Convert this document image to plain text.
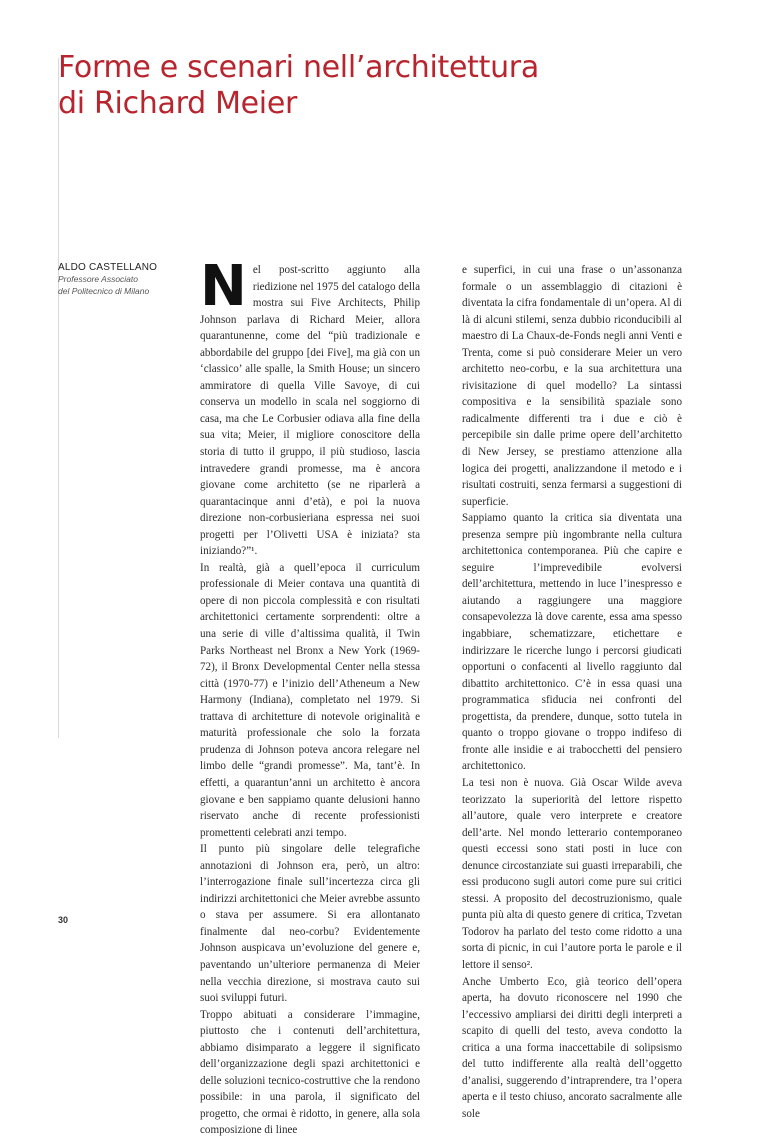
Forme e scenari nell’architettura
di Richard Meier
ALDO CASTELLANO
Professore Associato
del Politecnico di Milano N el post-scritto aggiunto alla riedizione nel 1975 del catalogo della mostra sui Five Architects, Philip Johnson parlava di Richard Meier, allora quarantunenne, come del “più tradizionale e abbordabile del gruppo [dei Five], ma già con un ‘classico’ alle spalle, la Smith House; un sincero ammiratore di quella Ville Savoye, di cui conserva un modello in scala nel soggiorno di casa, ma che Le Corbusier odiava alla fine della sua vita; Meier, il migliore conoscitore della storia di tutto il gruppo, il più studioso, lascia intravedere grandi promesse, ma è ancora giovane come architetto (se ne riparlerà a quarantacinque anni d’età), e poi la nuova direzione non-corbusieriana espressa nei suoi progetti per l’Olivetti USA è iniziata? sta iniziando?”¹.

In realtà, già a quell’epoca il curriculum professionale di Meier contava una quantità di opere di non piccola complessità e con risultati architettonici certamente sorprendenti: oltre a una serie di ville d’altissima qualità, il Twin Parks Northeast nel Bronx a New York (1969-72), il Bronx Developmental Center nella stessa città (1970-77) e l’inizio dell’Atheneum a New Harmony (Indiana), completato nel 1979. Si trattava di architetture di notevole originalità e maturità professionale che solo la forzata prudenza di Johnson poteva ancora relegare nel limbo delle “grandi promesse”. Ma, tant’è. In effetti, a quarantun’anni un architetto è ancora giovane e ben sappiamo quante delusioni hanno riservato anche di recente professionisti promettenti celebrati anzi tempo.

Il punto più singolare delle telegrafiche annotazioni di Johnson era, però, un altro: l’interrogazione finale sull’incertezza circa gli indirizzi architettonici che Meier avrebbe assunto o stava per assumere. Si era allontanato finalmente dal neo-corbu? Evidentemente Johnson auspicava un’evoluzione del genere e, paventando un’ulteriore permanenza di Meier nella vecchia direzione, si mostrava cauto sui suoi sviluppi futuri.

Troppo abituati a considerare l’immagine, piuttosto che i contenuti dell’architettura, abbiamo disimparato a leggere il significato dell’organizzazione degli spazi architettonici e delle soluzioni tecnico-costruttive che la rendono possibile: in una parola, il significato del progetto, che ormai è ridotto, in genere, alla sola composizione di linee

e superfici, in cui una frase o un’assonanza formale o un assemblaggio di citazioni è diventata la cifra fondamentale di un’opera. Al di là di alcuni stilemi, senza dubbio riconducibili al maestro di La Chaux-de-Fonds negli anni Venti e Trenta, come si può considerare Meier un vero architetto neo-corbu, e la sua architettura una rivisitazione di quel modello? La sintassi compositiva e la sensibilità spaziale sono radicalmente differenti tra i due e ciò è percepibile sin dalle prime opere dell’architetto di New Jersey, se prestiamo attenzione alla logica dei progetti, analizzandone il metodo e i risultati costruiti, senza fermarsi a suggestioni di superficie.

Sappiamo quanto la critica sia diventata una presenza sempre più ingombrante nella cultura architettonica contemporanea. Più che capire e seguire l’imprevedibile evolversi dell’architettura, mettendo in luce l’inespresso e aiutando a raggiungere una maggiore consapevolezza là dove carente, essa ama spesso ingabbiare, schematizzare, etichettare e indirizzare le ricerche lungo i percorsi giudicati opportuni o confacenti al livello raggiunto dal dibattito architettonico. C’è in essa quasi una programmatica sfiducia nei confronti del progettista, da prendere, dunque, sotto tutela in quanto o troppo giovane o troppo indifeso di fronte alle insidie e ai trabocchetti del pensiero architettonico.

La tesi non è nuova. Già Oscar Wilde aveva teorizzato la superiorità del lettore rispetto all’autore, quale vero interprete e creatore dell’arte. Nel mondo letterario contemporaneo questi eccessi sono stati posti in luce con denunce circostanziate sui guasti irreparabili, che essi producono sugli autori come pure sui critici stessi. A proposito del decostruzionismo, quale punta più alta di questo genere di critica, Tzvetan Todorov ha parlato del testo come ridotto a una sorta di picnic, in cui l’autore porta le parole e il lettore il senso².

Anche Umberto Eco, già teorico dell’opera aperta, ha dovuto riconoscere nel 1990 che l’eccessivo ampliarsi dei diritti degli interpreti a scapito di quelli del testo, aveva condotto la critica a una forma inaccettabile di solipsismo del tutto indifferente alla realtà dell’oggetto d’analisi, suggerendo d’intraprendere, tra l’opera aperta e il testo chiuso, ancorato sacralmente alle sole

30
